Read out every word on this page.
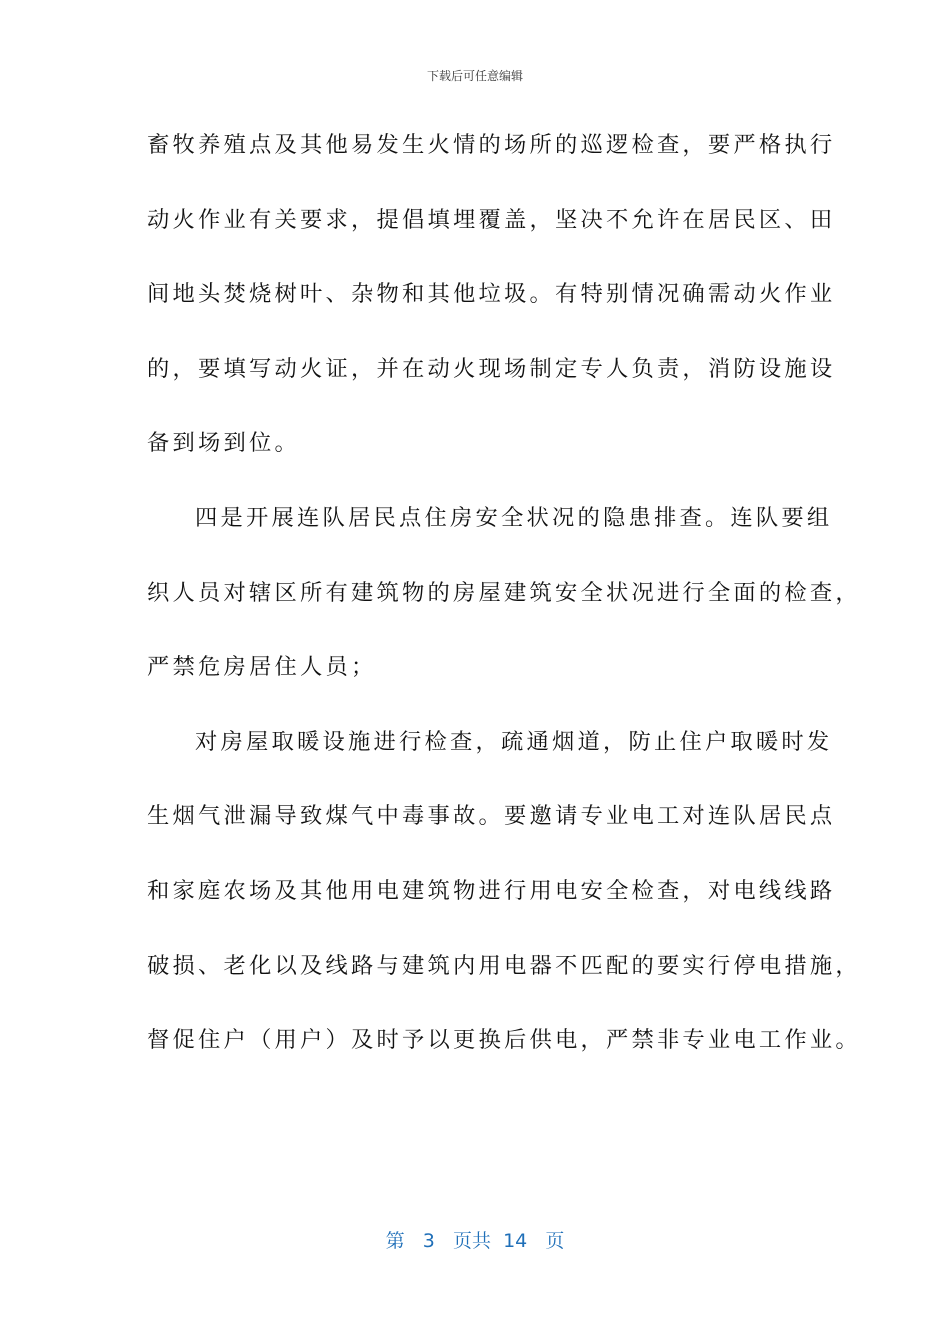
下载后可任意编辑
畜牧养殖点及其他易发生火情的场所的巡逻检查，要严格执行
动火作业有关要求，提倡填埋覆盖，坚决不允许在居民区、田
间地头焚烧树叶、杂物和其他垃圾。有特别情况确需动火作业
的，要填写动火证，并在动火现场制定专人负责，消防设施设
备到场到位。
四是开展连队居民点住房安全状况的隐患排查。连队要组
织人员对辖区所有建筑物的房屋建筑安全状况进行全面的检查，
严禁危房居住人员；
对房屋取暖设施进行检查，疏通烟道，防止住户取暖时发
生烟气泄漏导致煤气中毒事故。要邀请专业电工对连队居民点
和家庭农场及其他用电建筑物进行用电安全检查，对电线线路
破损、老化以及线路与建筑内用电器不匹配的要实行停电措施，
督促住户（用户）及时予以更换后供电，严禁非专业电工作业。
第 3 页共 14 页
